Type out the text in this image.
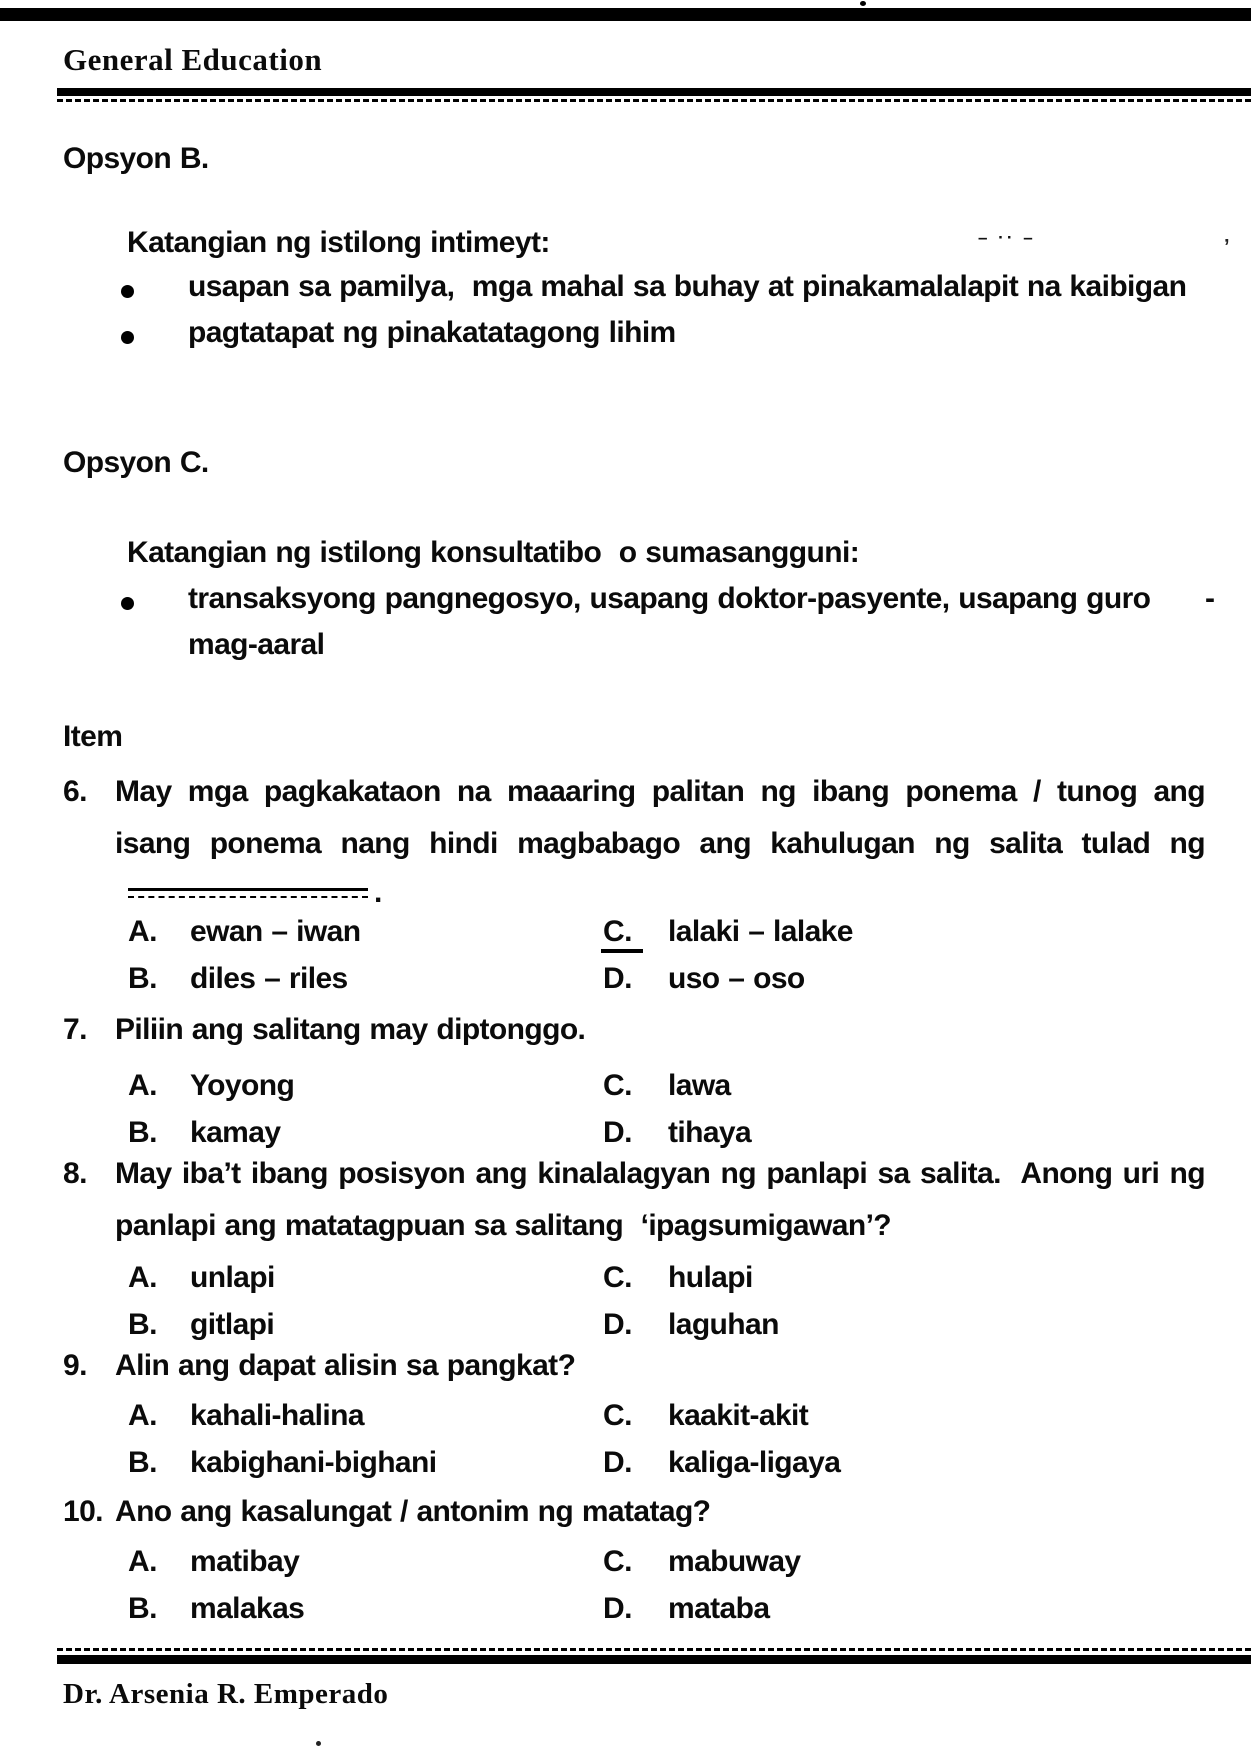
General Education
– ·· –	’
Opsyon B.
Katangian ng istilong intimeyt:
usapan sa pamilya,  mga mahal sa buhay at pinakamalalapit na kaibigan
pagtatapat ng pinakatatagong lihim
Opsyon C.
Katangian ng istilong konsultatibo  o sumasangguni:
transaksyong pangnegosyo, usapang doktor-pasyente, usapang guro -
mag-aaral
Item
6. May mga pagkakataon na maaaring palitan ng ibang ponema / tunog ang
isang ponema nang hindi magbabago ang kahulugan ng salita tulad ng
.
A.	ewan – iwan	C.	lalaki – lalake
B.	diles – riles	D.	uso – oso
7. Piliin ang salitang may diptonggo.
A.	Yoyong	C.	lawa
B.	kamay	D.	tihaya
8. May iba’t ibang posisyon ang kinalalagyan ng panlapi sa salita.  Anong uri ng
panlapi ang matatagpuan sa salitang  ‘ipagsumigawan’?
A.	unlapi	C.	hulapi
B.	gitlapi	D.	laguhan
9. Alin ang dapat alisin sa pangkat?
A.	kahali-halina	C.	kaakit-akit
B.	kabighani-bighani	D.	kaliga-ligaya
10. Ano ang kasalungat / antonim ng matatag?
A.	matibay	C.	mabuway
B.	malakas	D.	mataba
Dr. Arsenia R. Emperado
